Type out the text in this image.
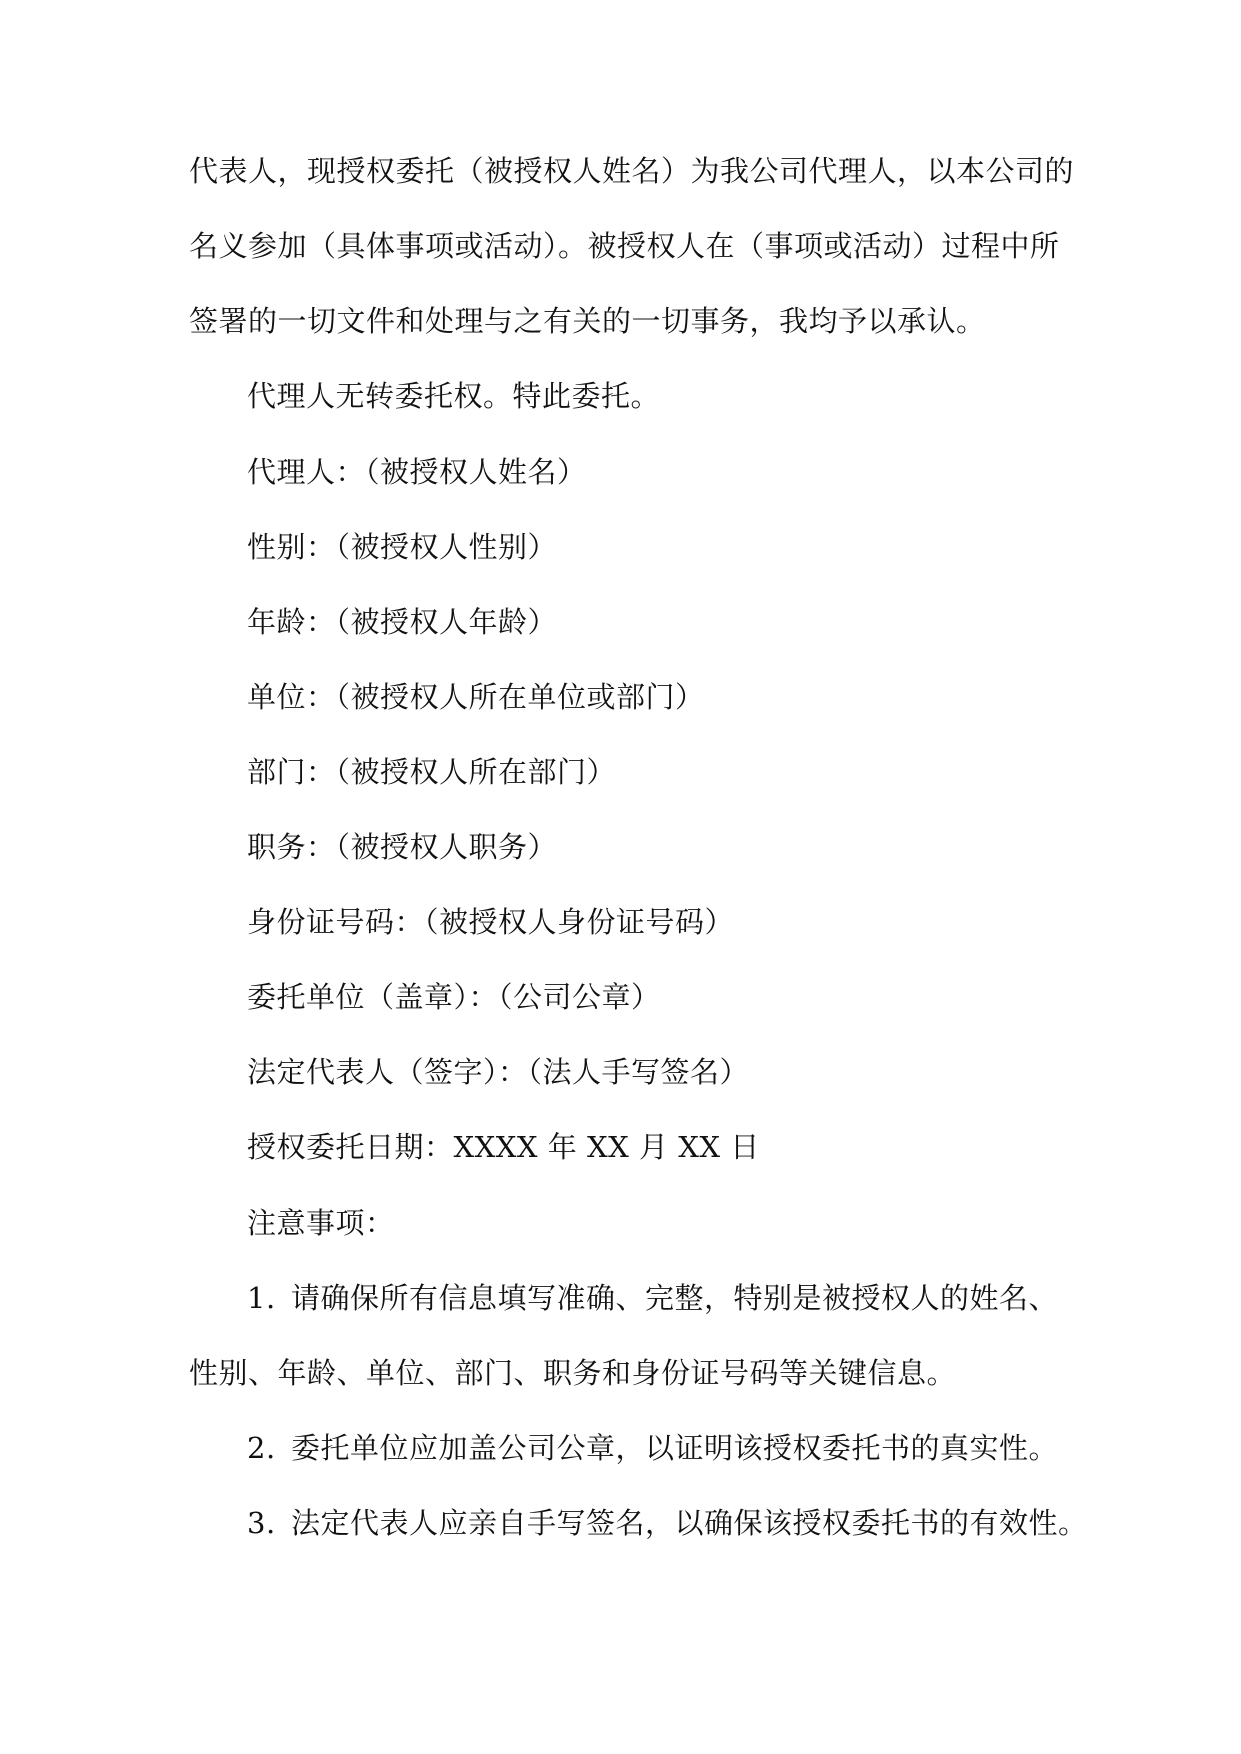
代表人，现授权委托（被授权人姓名）为我公司代理人，以本公司的
名义参加（具体事项或活动）。被授权人在（事项或活动）过程中所
签署的一切文件和处理与之有关的一切事务，我均予以承认。
代理人无转委托权。特此委托。
代理人：（被授权人姓名）
性别：（被授权人性别）
年龄：（被授权人年龄）
单位：（被授权人所在单位或部门）
部门：（被授权人所在部门）
职务：（被授权人职务）
身份证号码：（被授权人身份证号码）
委托单位（盖章）：（公司公章）
法定代表人（签字）：（法人手写签名）
授权委托日期：XXXX 年 XX 月 XX 日
注意事项：
1. 请确保所有信息填写准确、完整，特别是被授权人的姓名、
性别、年龄、单位、部门、职务和身份证号码等关键信息。
2. 委托单位应加盖公司公章，以证明该授权委托书的真实性。
3. 法定代表人应亲自手写签名，以确保该授权委托书的有效性。
